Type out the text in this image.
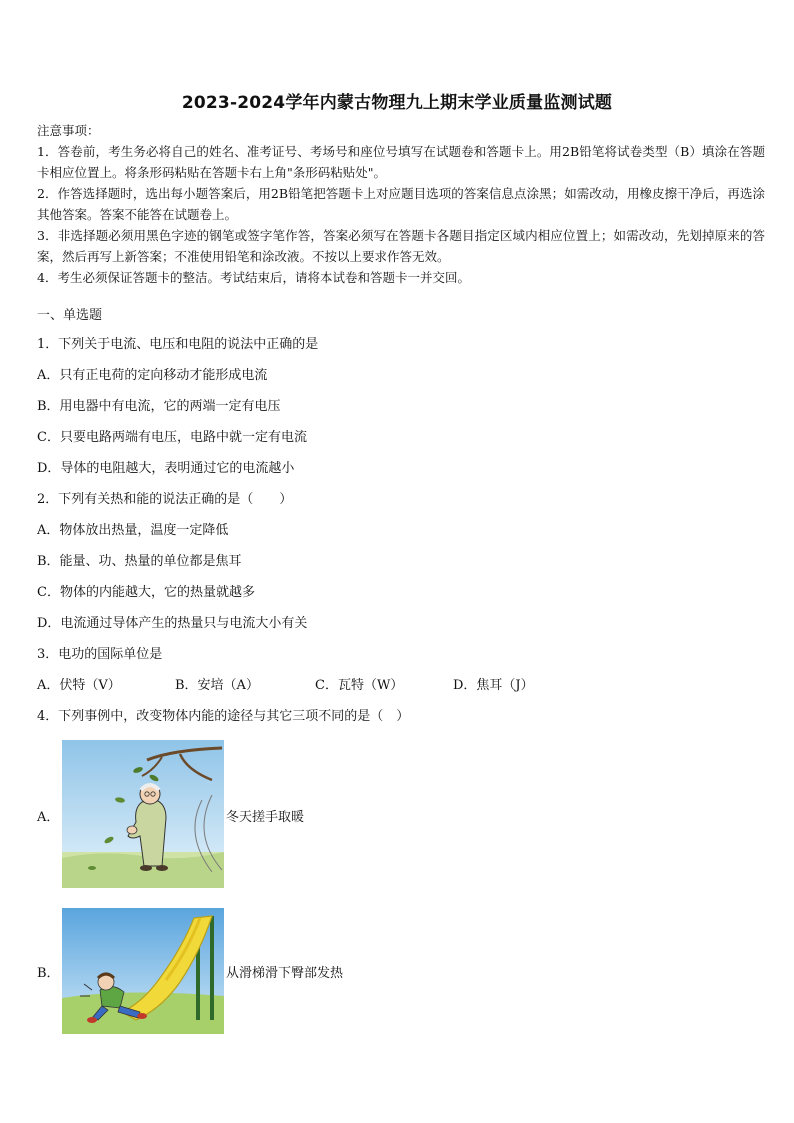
2023-2024学年内蒙古物理九上期末学业质量监测试题

注意事项：

1．答卷前，考生务必将自己的姓名、准考证号、考场号和座位号填写在试题卷和答题卡上。用2B铅笔将试卷类型（B）填涂在答题卡相应位置上。将条形码粘贴在答题卡右上角"条形码粘贴处"。

2．作答选择题时，选出每小题答案后，用2B铅笔把答题卡上对应题目选项的答案信息点涂黑；如需改动，用橡皮擦干净后，再选涂其他答案。答案不能答在试题卷上。

3．非选择题必须用黑色字迹的钢笔或签字笔作答，答案必须写在答题卡各题目指定区域内相应位置上；如需改动，先划掉原来的答案，然后再写上新答案；不准使用铅笔和涂改液。不按以上要求作答无效。

4．考生必须保证答题卡的整洁。考试结束后，请将本试卷和答题卡一并交回。

一、单选题
1．下列关于电流、电压和电阻的说法中正确的是
A．只有正电荷的定向移动才能形成电流
B．用电器中有电流，它的两端一定有电压
C．只要电路两端有电压，电路中就一定有电流
D．导体的电阻越大，表明通过它的电流越小
2．下列有关热和能的说法正确的是（　　）
A．物体放出热量，温度一定降低
B．能量、功、热量的单位都是焦耳
C．物体的内能越大，它的热量就越多
D．电流通过导体产生的热量只与电流大小有关
3．电功的国际单位是
A．伏特（V）	B．安培（A）	C．瓦特（W）	D．焦耳（J）
4．下列事例中，改变物体内能的途径与其它三项不同的是（　）
A．	冬天搓手取暖
B．	从滑梯滑下臀部发热
